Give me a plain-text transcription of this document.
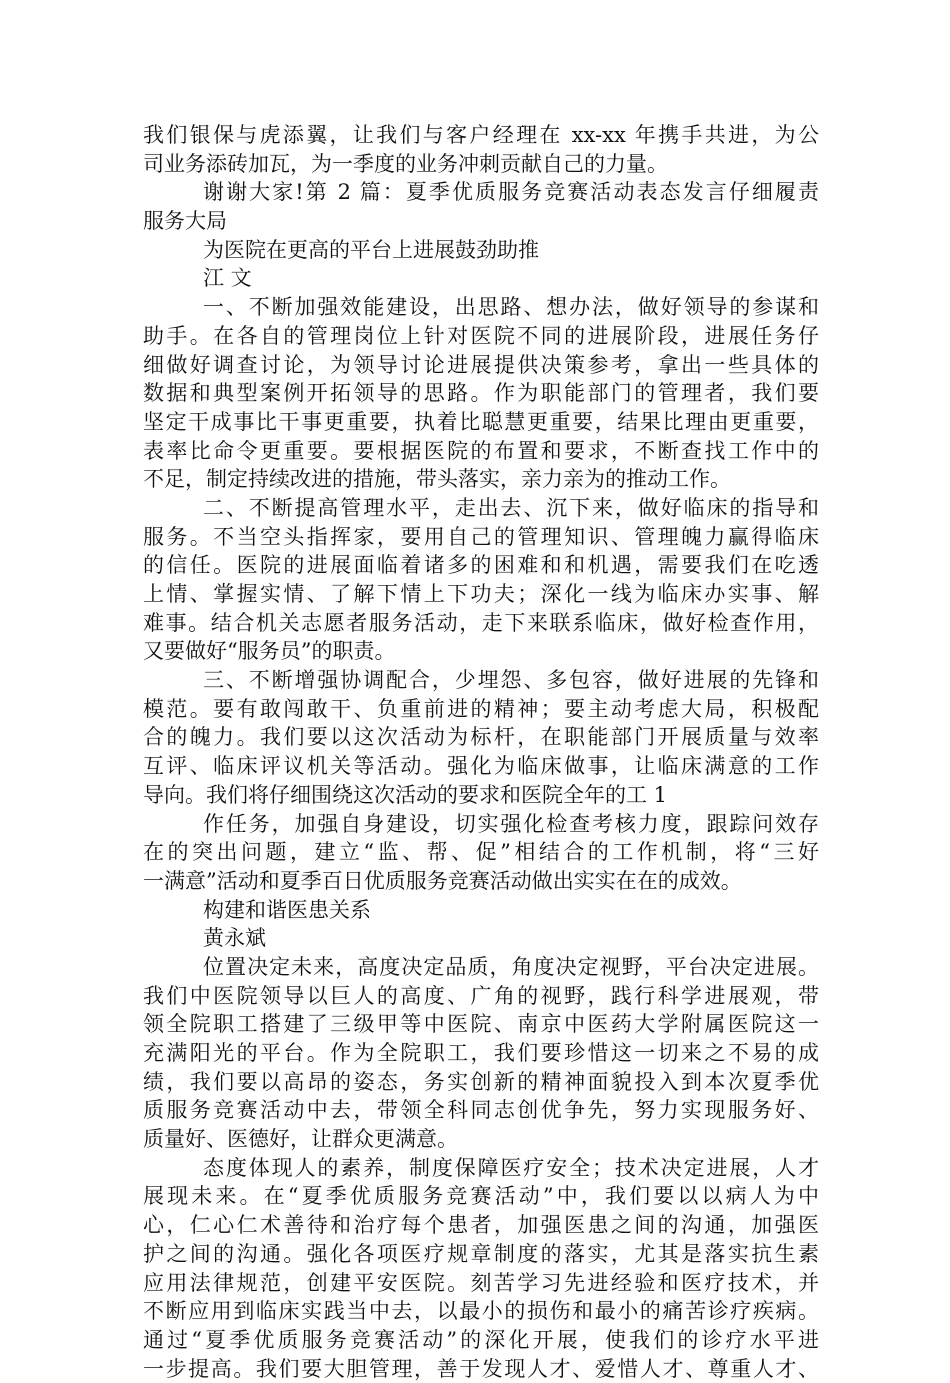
我们银保与虎添翼，让我们与客户经理在 xx-xx 年携手共进，为公
司业务添砖加瓦，为一季度的业务冲刺贡献自己的力量。
谢谢大家!第 2 篇：夏季优质服务竞赛活动表态发言仔细履责
服务大局
为医院在更高的平台上进展鼓劲助推
江 文
一、不断加强效能建设，出思路、想办法，做好领导的参谋和
助手。在各自的管理岗位上针对医院不同的进展阶段，进展任务仔
细做好调查讨论，为领导讨论进展提供决策参考，拿出一些具体的
数据和典型案例开拓领导的思路。作为职能部门的管理者，我们要
坚定干成事比干事更重要，执着比聪慧更重要，结果比理由更重要，
表率比命令更重要。要根据医院的布置和要求，不断查找工作中的
不足，制定持续改进的措施，带头落实，亲力亲为的推动工作。
二、不断提高管理水平，走出去、沉下来，做好临床的指导和
服务。不当空头指挥家，要用自己的管理知识、管理魄力赢得临床
的信任。医院的进展面临着诸多的困难和和机遇，需要我们在吃透
上情、掌握实情、了解下情上下功夫；深化一线为临床办实事、解
难事。结合机关志愿者服务活动，走下来联系临床，做好检查作用，
又要做好“服务员”的职责。
三、不断增强协调配合，少埋怨、多包容，做好进展的先锋和
模范。要有敢闯敢干、负重前进的精神；要主动考虑大局，积极配
合的魄力。我们要以这次活动为标杆，在职能部门开展质量与效率
互评、临床评议机关等活动。强化为临床做事，让临床满意的工作
导向。我们将仔细围绕这次活动的要求和医院全年的工 1
作任务，加强自身建设，切实强化检查考核力度，跟踪问效存
在的突出问题，建立“监、帮、促”相结合的工作机制，将“三好
一满意”活动和夏季百日优质服务竞赛活动做出实实在在的成效。
构建和谐医患关系
黄永斌
位置决定未来，高度决定品质，角度决定视野，平台决定进展。
我们中医院领导以巨人的高度、广角的视野，践行科学进展观，带
领全院职工搭建了三级甲等中医院、南京中医药大学附属医院这一
充满阳光的平台。作为全院职工，我们要珍惜这一切来之不易的成
绩，我们要以高昂的姿态，务实创新的精神面貌投入到本次夏季优
质服务竞赛活动中去，带领全科同志创优争先，努力实现服务好、
质量好、医德好，让群众更满意。
态度体现人的素养，制度保障医疗安全；技术决定进展，人才
展现未来。在“夏季优质服务竞赛活动”中，我们要以以病人为中
心，仁心仁术善待和治疗每个患者，加强医患之间的沟通，加强医
护之间的沟通。强化各项医疗规章制度的落实，尤其是落实抗生素
应用法律规范，创建平安医院。刻苦学习先进经验和医疗技术，并
不断应用到临床实践当中去，以最小的损伤和最小的痛苦诊疗疾病。
通过“夏季优质服务竞赛活动”的深化开展，使我们的诊疗水平进
一步提高。我们要大胆管理，善于发现人才、爱惜人才、尊重人才、
